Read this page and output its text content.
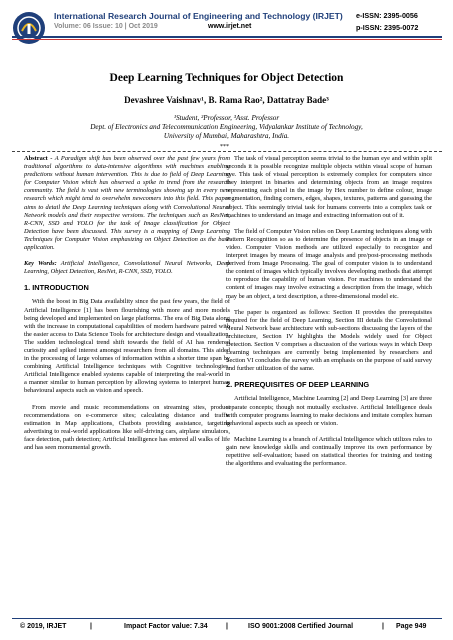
International Research Journal of Engineering and Technology (IRJET)
Volume: 06 Issue: 10 | Oct 2019	www.irjet.net
e-ISSN: 2395-0056
p-ISSN: 2395-0072
Deep Learning Techniques for Object Detection
Devashree Vaishnav¹, B. Rama Rao², Dattatray Bade³
¹Student, ²Professor, ³Asst. Professor
Dept. of Electronics and Telecommunication Engineering, Vidyalankar Institute of Technology,
University of Mumbai, Maharashtra, India.
***

Abstract - A Paradigm shift has been observed over the past few years from traditional algorithms to data-intensive algorithms with machines enabling predictions without human intervention. This is due to field of Deep Learning for Computer Vision which has observed a spike in trend from the research community. The field is vast with new terminologies showing up in every new research which might tend to overwhelm newcomers into this field. This paper aims to detail the Deep Learning techniques along with Convolutional Neural Network models and their respective versions. The techniques such as ResNet, R-CNN, SSD and YOLO for the task of Image classification for Object Detection have been discussed. This survey is a mapping of Deep Learning Techniques for Computer Vision emphasizing on Object Detection as the base application.

Key Words: Artificial Intelligence, Convolutional Neural Networks, Deep Learning, Object Detection, ResNet, R-CNN, SSD, YOLO.

1. INTRODUCTION

With the boost in Big Data availability since the past few years, the field of Artificial Intelligence [1] has been flourishing with more and more models being developed and implemented on large platforms. The era of Big Data along with the increase in computational capabilities of modern hardware paired with the easier access to Data Science Tools for architecture design and visualization. The sudden technological trend shift towards the field of AI has rendered curiosity and spiked interest amongst researchers from all domains. This aided in the processing of large volumes of information within a shorter time span by combining Artificial Intelligence techniques with Cognitive technologies. Artificial Intelligence enabled systems capable of interpreting the real-world in a manner similar to human perception by allowing systems to interpret human behavioural aspects such as vision and speech.

From movie and music recommendations on streaming sites, product recommendations on e-commerce sites; calculating distance and traffic estimation in Map applications, Chatbots providing assistance, targeting advertising to real-world applications like self-driving cars, airplane simulators, face detection, path detection; Artificial Intelligence has entered all walks of life and has seen monumental growth.

The task of visual perception seems trivial to the human eye and within split seconds it is possible recognize multiple objects within visual scope of human eye. This task of visual perception is extremely complex for computers since they interpret in binaries and determining objects from an image requires representing each pixel in the image by Hex number to define colour, image segmentation, finding corners, edges, shapes, textures, patterns and guessing the object. This seemingly trivial task for humans converts into a complex task or machines to understand an image and extracting information out of it.

The field of Computer Vision relies on Deep Learning techniques along with Pattern Recognition so as to determine the presence of objects in an image or video. Computer Vision methods are utilized especially to recognize and interpret images by means of image analysis and pre/post-processing methods derived from Image Processing. The goal of computer vision is to understand the content of images which typically involves developing methods that attempt to reproduce the capability of human vision. For machines to understand the content of images may involve extracting a description from the image, which may be an object, a text description, a three-dimensional model etc.

The paper is organized as follows: Section II provides the prerequisites required for the field of Deep Learning, Section III details the Convolutional Neural Network base architecture with sub-sections discussing the layers of the architecture, Section IV highlights the Models widely used for Object Detection. Section V comprises a discussion of the various ways in which Deep Learning techniques are currently being implemented by researchers and Section VI concludes the survey with an emphasis on the purpose of said survey and further utilization of the same.

2. PREREQUISITES OF DEEP LEARNING

Artificial Intelligence, Machine Learning [2] and Deep Learning [3] are three separate concepts; though not mutually exclusive. Artificial Intelligence deals with computer programs learning to make decisions and imitate complex human behavioral aspects such as speech or vision.

Machine Learning is a branch of Artificial Intelligence which utilizes rules to gain new knowledge skills and continually improve its own performance by repetitive self-evaluation; based on statistical theories for training and testing the algorithms and evaluating the performance.

© 2019, IRJET	|	Impact Factor value: 7.34	|	ISO 9001:2008 Certified Journal	| Page 949
